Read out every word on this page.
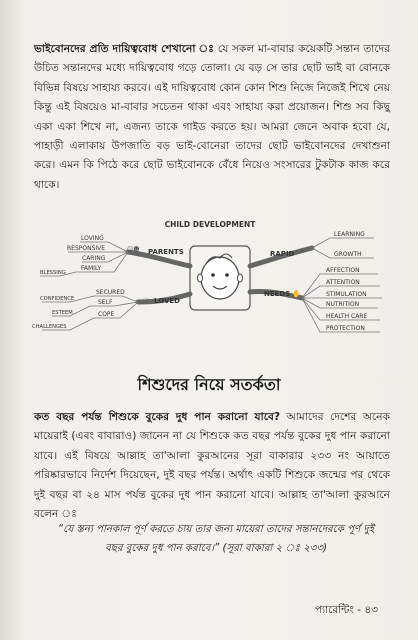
ভাইবোনদের প্রতি দায়িত্ববোধ শেখানো ঃ যে সকল মা-বাবার কয়েকটি সন্তান তাদের উচিত সন্তানদের মধ্যে দায়িত্ববোধ গড়ে তোলা। যে বড় সে তার ছোট ভাই বা বোনকে বিভিন্ন বিষয়ে সাহায্য করবে। এই দায়িত্ববোধ কোন কোন শিশু নিজে নিজেই শিখে নেয় কিন্তু এই বিষয়েও মা-বাবার সচেতন থাকা এবং সাহায্য করা প্রয়োজন। শিশু সব কিছু একা একা শিখে না, এজন্য তাকে গাইড করতে হয়। আমরা জেনে অবাক হবো যে, পাহাড়ী এলাকায় উপজাতি বড় ভাই-বোনেরা তাদের ছোট ভাইবোনদের দেখাশুনা করে। এমন কি পিঠে করে ছোট ভাইবোনকে বেঁধে নিয়েও সংসারের টুকটাক কাজ করে থাকে।

CHILD DEVELOPMENT
PARENTS
☺☻
LOVING
RESPONSIVE
CARING
FAMILY
BLESSING
RAPID ↗
LEARNING
GROWTH
LOVED
♡
SECURED
SELF
COPE
CONFIDENCE
ESTEEM
CHALLENGES
NEEDS ✋
AFFECTION
ATTENTION
STIMULATION
NUTRITION
HEALTH CARE
PROTECTION
শিশুদের নিয়ে সতর্কতা

কত বছর পর্যন্ত শিশুকে বুকের দুধ পান করানো যাবে? আমাদের দেশের অনেক মায়েরাই (এবং বাবারাও) জানেন না যে শিশুকে কত বছর পর্যন্ত বুকের দুধ পান করানো যাবে। এই বিষয়ে আল্লাহ তা'আলা কুরআনের সূরা বাকারার ২৩৩ নং আয়াতে পরিষ্কারভাবে নির্দেশ দিয়েছেন, দুই বছর পর্যন্ত। অর্থাৎ একটি শিশুকে জন্মের পর থেকে দুই বছর বা ২৪ মাস পর্যন্ত বুকের দুধ পান করানো যাবে। আল্লাহ তা'আলা কুরআনে বলেন ঃ

“যে স্তন্য পানকাল পূর্ণ করতে চায় তার জন্য মায়েরা তাদের সন্তানদেরকে পূর্ণ দুই বছর বুকের দুধ পান করাবে।” (সূরা বাকারা ২ ঃ ২৩৩)

প্যারেন্টিং - ৪৩
